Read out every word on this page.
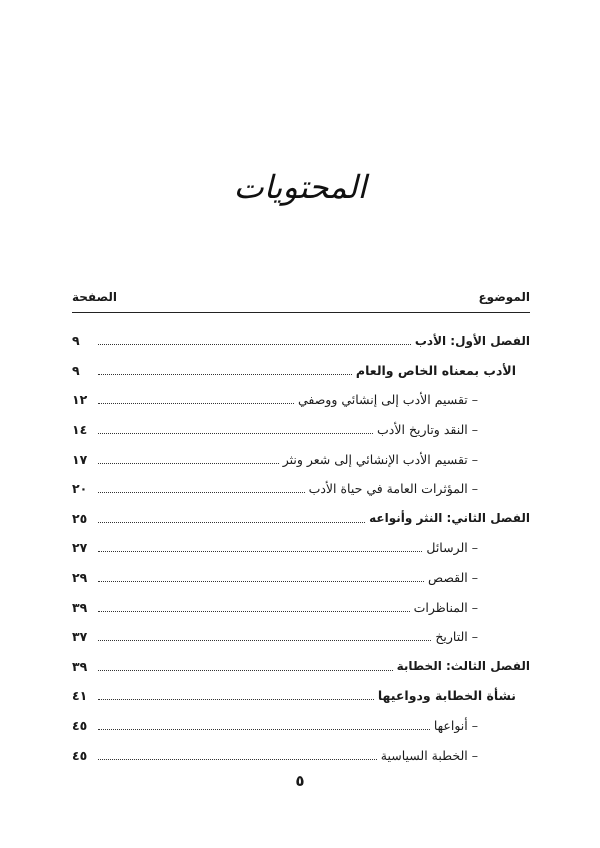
المحتويات
الموضوع
الصفحة
الفصل الأول: الأدب
٩
الأدب بمعناه الخاص والعام
٩
– تقسيم الأدب إلى إنشائي ووصفي
١٢
– النقد وتاريخ الأدب
١٤
– تقسيم الأدب الإنشائي إلى شعر ونثر
١٧
– المؤثرات العامة في حياة الأدب
٢٠
الفصل الثاني: النثر وأنواعه
٢٥
– الرسائل
٢٧
– القصص
٢٩
– المناظرات
٣٩
– التاريخ
٣٧
الفصل الثالث: الخطابة
٣٩
نشأة الخطابة ودواعيها
٤١
– أنواعها
٤٥
– الخطبة السياسية
٤٥
٥
